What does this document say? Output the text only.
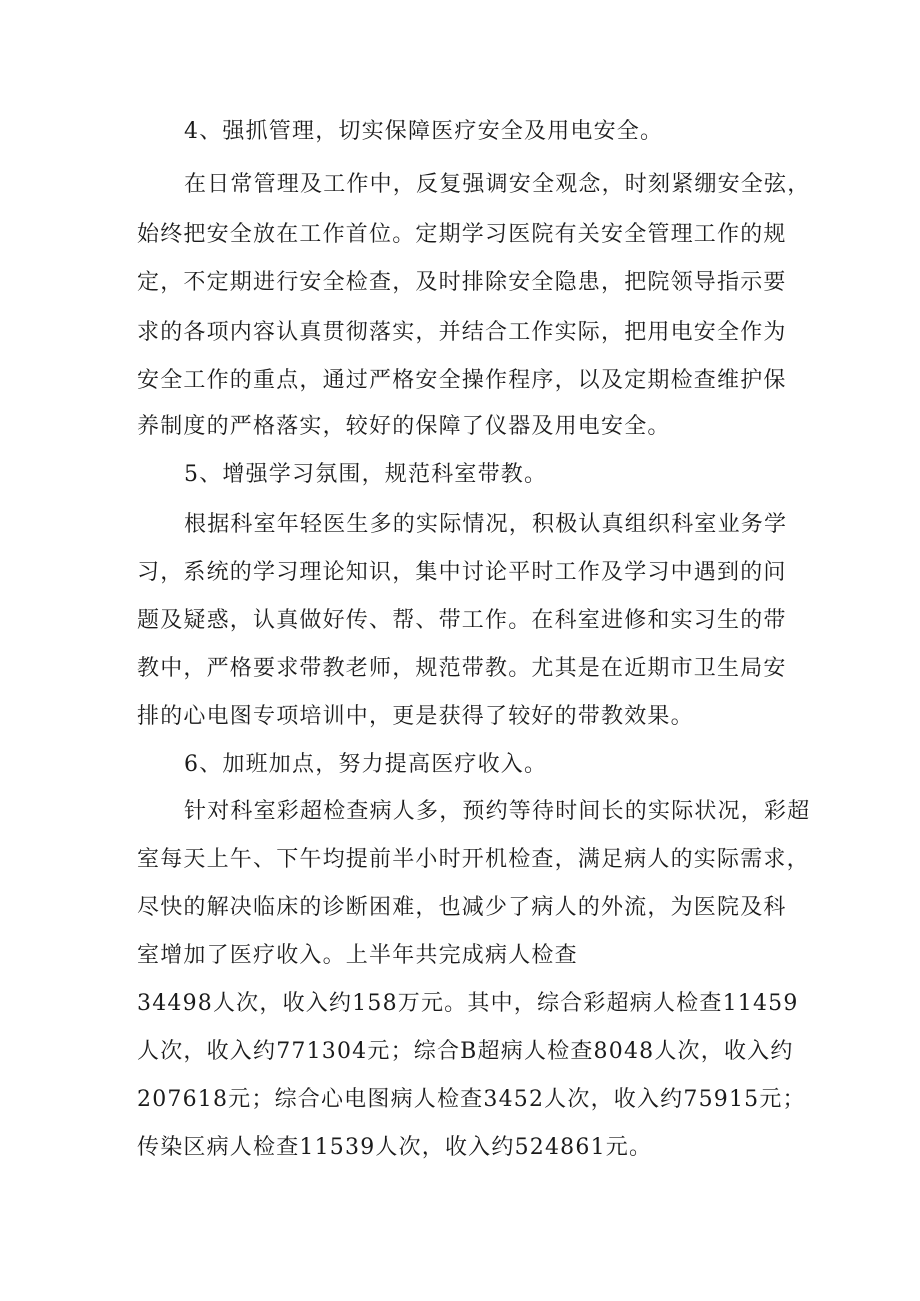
4、强抓管理，切实保障医疗安全及用电安全。
在日常管理及工作中，反复强调安全观念，时刻紧绷安全弦，
始终把安全放在工作首位。定期学习医院有关安全管理工作的规
定，不定期进行安全检查，及时排除安全隐患，把院领导指示要
求的各项内容认真贯彻落实，并结合工作实际，把用电安全作为
安全工作的重点，通过严格安全操作程序，以及定期检查维护保
养制度的严格落实，较好的保障了仪器及用电安全。
5、增强学习氛围，规范科室带教。
根据科室年轻医生多的实际情况，积极认真组织科室业务学
习，系统的学习理论知识，集中讨论平时工作及学习中遇到的问
题及疑惑，认真做好传、帮、带工作。在科室进修和实习生的带
教中，严格要求带教老师，规范带教。尤其是在近期市卫生局安
排的心电图专项培训中，更是获得了较好的带教效果。
6、加班加点，努力提高医疗收入。
针对科室彩超检查病人多，预约等待时间长的实际状况，彩超
室每天上午、下午均提前半小时开机检查，满足病人的实际需求，
尽快的解决临床的诊断困难，也减少了病人的外流，为医院及科
室增加了医疗收入。上半年共完成病人检查
34498人次，收入约158万元。其中，综合彩超病人检查11459
人次，收入约771304元；综合B超病人检查8048人次，收入约
207618元；综合心电图病人检查3452人次，收入约75915元；
传染区病人检查11539人次，收入约524861元。
